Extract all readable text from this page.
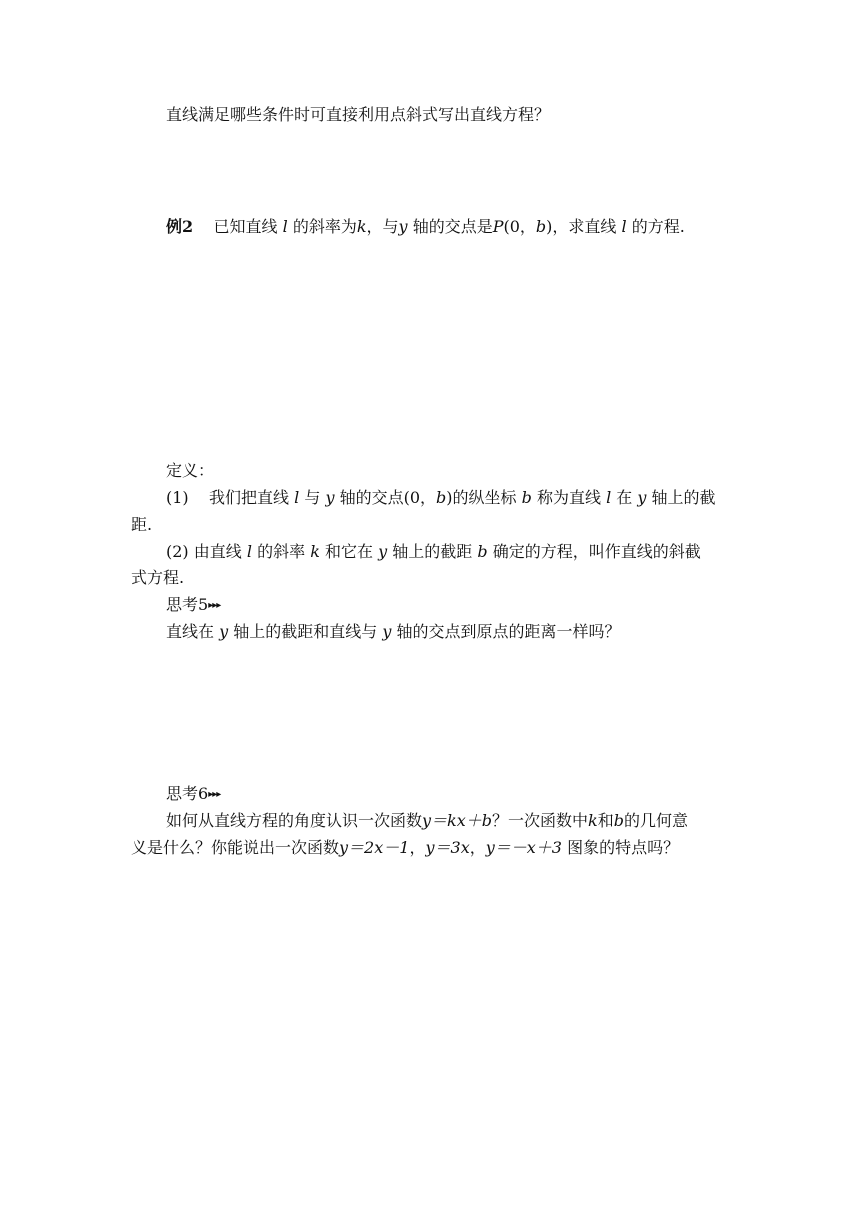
直线满足哪些条件时可直接利用点斜式写出直线方程？
例2 已知直线 l 的斜率为k，与y 轴的交点是P(0，b)，求直线 l 的方程.
定义：
(1) 我们把直线 l 与 y 轴的交点(0，b)的纵坐标 b 称为直线 l 在 y 轴上的截
距.
(2) 由直线 l 的斜率 k 和它在 y 轴上的截距 b 确定的方程，叫作直线的斜截
式方程.
思考5▸▸▸
直线在 y 轴上的截距和直线与 y 轴的交点到原点的距离一样吗？
思考6▸▸▸
如何从直线方程的角度认识一次函数y＝kx＋b？一次函数中k和b的几何意
义是什么？你能说出一次函数y＝2x－1，y＝3x，y＝－x＋3 图象的特点吗？
